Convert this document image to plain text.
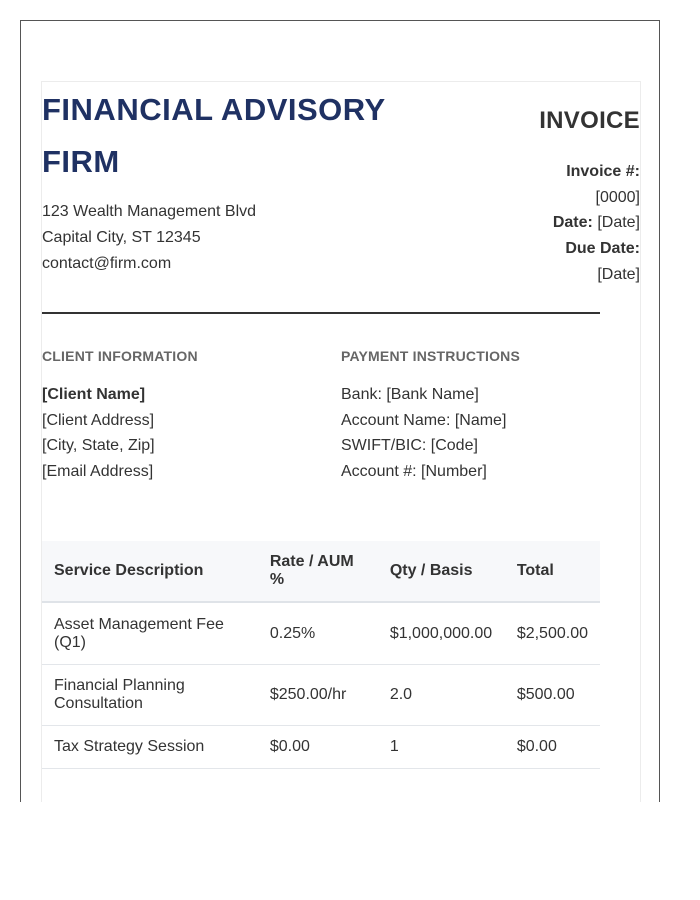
FINANCIAL ADVISORY FIRM
123 Wealth Management Blvd
Capital City, ST 12345
contact@firm.com
INVOICE
Invoice #:
[0000]
Date: [Date]
Due Date:
[Date]
CLIENT INFORMATION	PAYMENT INSTRUCTIONS
[Client Name]
[Client Address]
[City, State, Zip]
[Email Address]
Bank: [Bank Name]
Account Name: [Name]
SWIFT/BIC: [Code]
Account #: [Number]
Service Description	Rate / AUM %	Qty / Basis	Total
Asset Management Fee (Q1)	0.25%	$1,000,000.00	$2,500.00
Financial Planning Consultation	$250.00/hr	2.0	$500.00
Tax Strategy Session	$0.00	1	$0.00
